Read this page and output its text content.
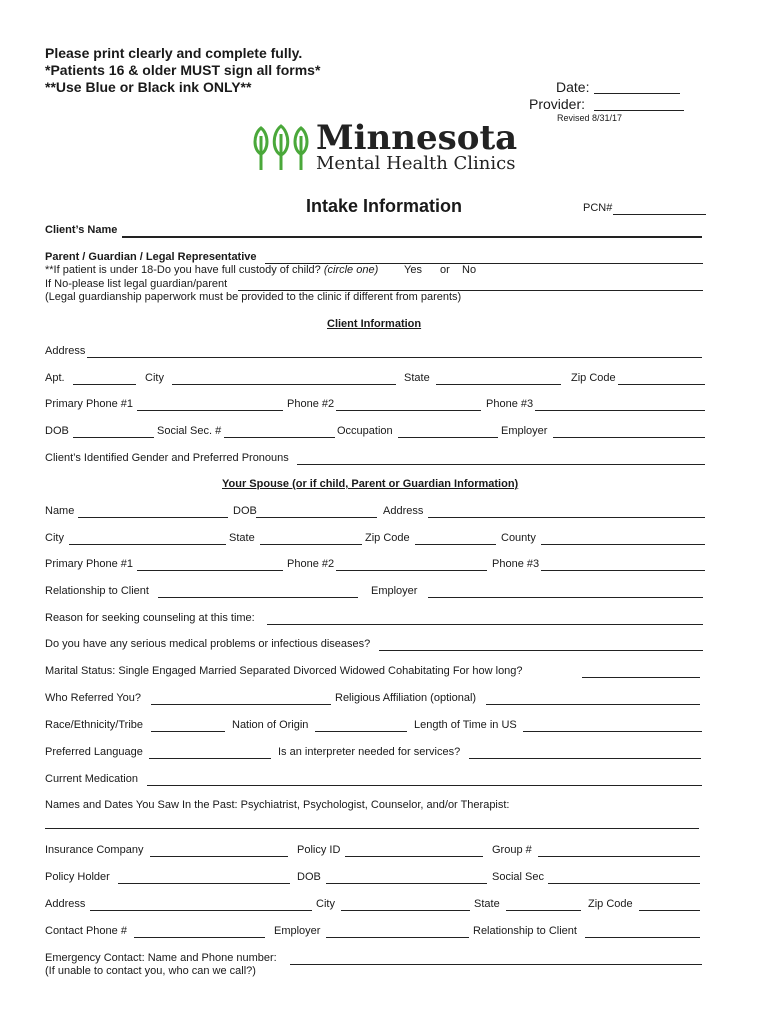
Please print clearly and complete fully.
*Patients 16 & older MUST sign all forms*
**Use Blue or Black ink ONLY**	Date:
Provider:
Revised 8/31/17
Minnesota
Mental Health Clinics
Intake Information	PCN#
Client’s Name
Parent / Guardian / Legal Representative
**If patient is under 18-Do you have full custody of child? (circle one) Yes or No
If No-please list legal guardian/parent
(Legal guardianship paperwork must be provided to the clinic if different from parents)
Client Information
Address
Apt.	City	State	Zip Code
Primary Phone #1	Phone #2	Phone #3
DOB	Social Sec. #	Occupation	Employer
Client’s Identified Gender and Preferred Pronouns
Your Spouse (or if child, Parent or Guardian Information)
Name	DOB	Address
City	State	Zip Code	County
Primary Phone #1	Phone #2	Phone #3
Relationship to Client	Employer
Reason for seeking counseling at this time:
Do you have any serious medical problems or infectious diseases?
Marital Status: Single Engaged Married Separated Divorced Widowed Cohabitating For how long?
Who Referred You?	Religious Affiliation (optional)
Race/Ethnicity/Tribe	Nation of Origin	Length of Time in US
Preferred Language	Is an interpreter needed for services?
Current Medication
Names and Dates You Saw In the Past: Psychiatrist, Psychologist, Counselor, and/or Therapist:
Insurance Company	Policy ID	Group #
Policy Holder	DOB	Social Sec
Address	City	State	Zip Code
Contact Phone #	Employer	Relationship to Client
Emergency Contact: Name and Phone number:
(If unable to contact you, who can we call?)
